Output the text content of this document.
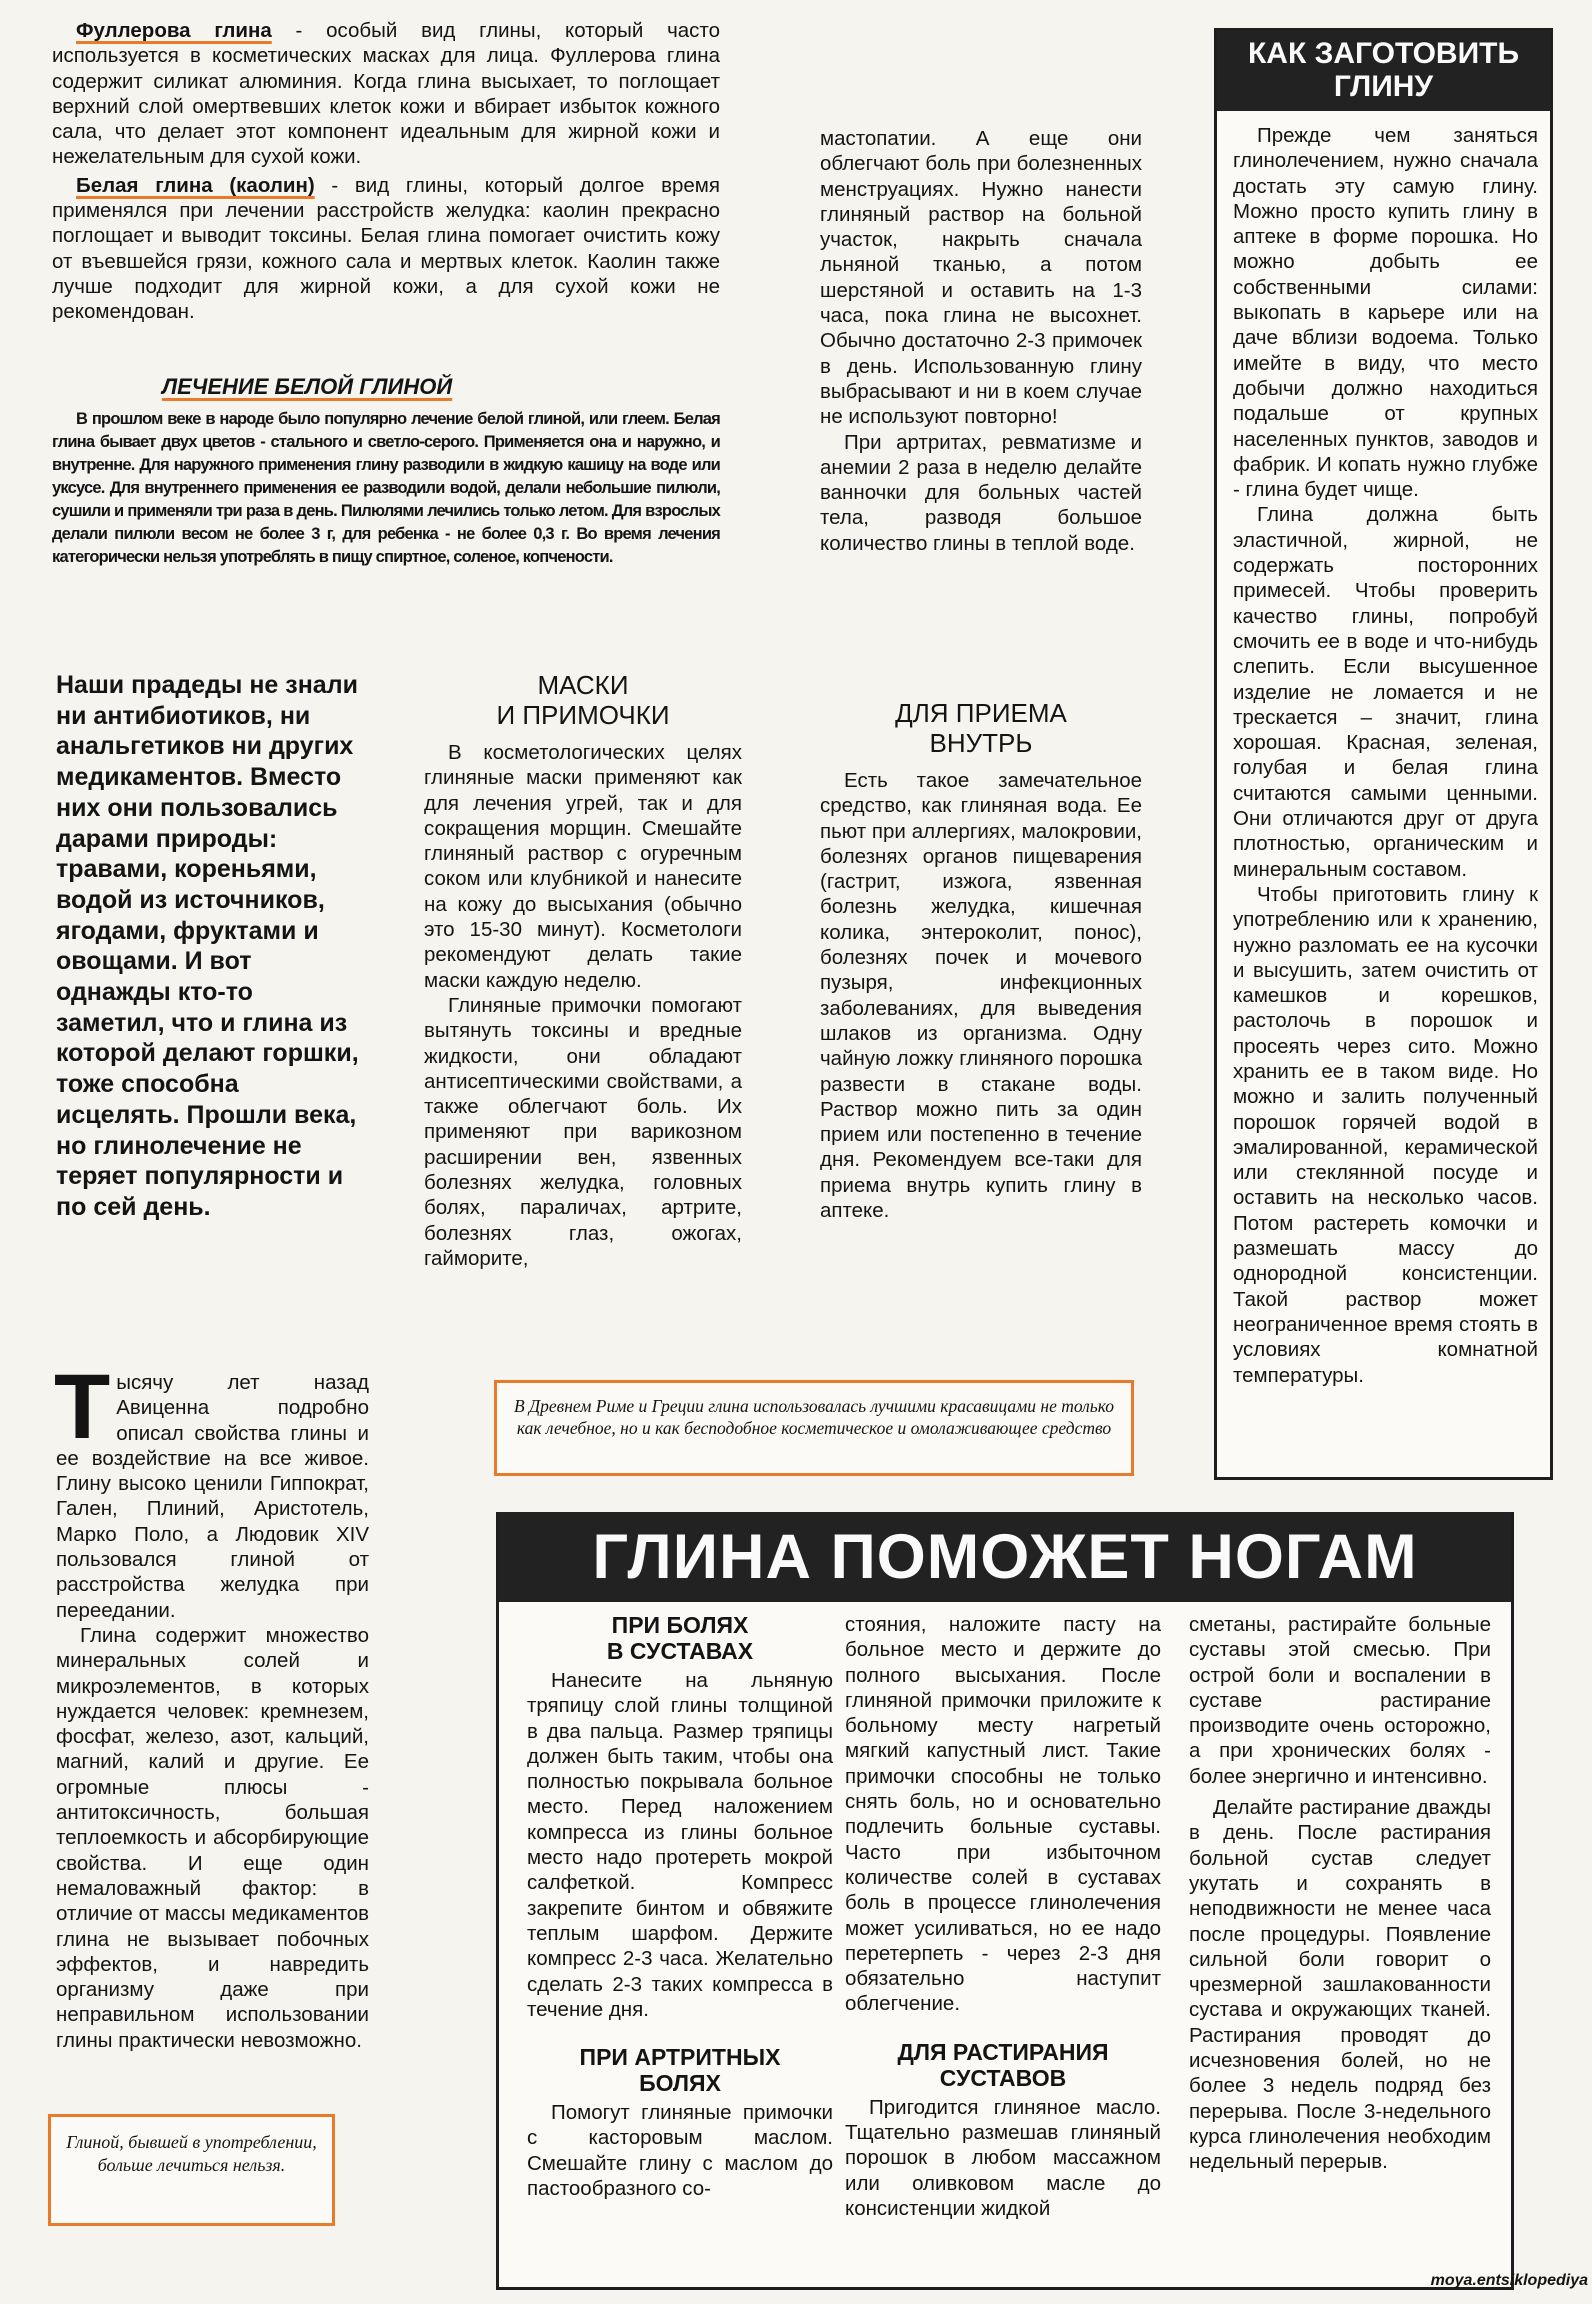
Фуллерова глина - особый вид глины, который часто используется в косметических масках для лица. Фуллерова глина содержит силикат алюминия. Когда глина высыхает, то поглощает верхний слой омертвевших клеток кожи и вбирает избыток кожного сала, что делает этот компонент идеальным для жирной кожи и нежелательным для сухой кожи.

Белая глина (каолин) - вид глины, который долгое время применялся при лечении расстройств желудка: каолин прекрасно поглощает и выводит токсины. Белая глина помогает очистить кожу от въевшейся грязи, кожного сала и мертвых клеток. Каолин также лучше подходит для жирной кожи, а для сухой кожи не рекомендован.

ЛЕЧЕНИЕ БЕЛОЙ ГЛИНОЙ

В прошлом веке в народе было популярно лечение белой глиной, или глеем. Белая глина бывает двух цветов - стального и светло-серого. Применяется она и наружно, и внутренне. Для наружного применения глину разводили в жидкую кашицу на воде или уксусе. Для внутреннего применения ее разводили водой, делали небольшие пилюли, сушили и применяли три раза в день. Пилюлями лечились только летом. Для взрослых делали пилюли весом не более 3 г, для ребенка - не более 0,3 г. Во время лечения категорически нельзя употреблять в пищу спиртное, соленое, копчености.

Наши прадеды не знали ни антибиотиков, ни анальгетиков ни других медикаментов. Вместо них они пользовались дарами природы: травами, кореньями, водой из источников, ягодами, фруктами и овощами. И вот однажды кто-то заметил, что и глина из которой делают горшки, тоже способна исцелять. Прошли века, но глинолечение не теряет популярности и по сей день.

Тысячу лет назад Авиценна подробно описал свойства глины и ее воздействие на все живое. Глину высоко ценили Гиппократ, Гален, Плиний, Аристотель, Марко Поло, а Людовик XIV пользовался глиной от расстройства желудка при переедании.

Глина содержит множество минеральных солей и микроэлементов, в которых нуждается человек: кремнезем, фосфат, железо, азот, кальций, магний, калий и другие. Ее огромные плюсы - антитоксичность, большая теплоемкость и абсорбирующие свойства. И еще один немаловажный фактор: в отличие от массы медикаментов глина не вызывает побочных эффектов, и навредить организму даже при неправильном использовании глины практически невозможно.

Глиной, бывшей в употреблении, больше лечиться нельзя.

МАСКИ
И ПРИМОЧКИ

В косметологических целях глиняные маски применяют как для лечения угрей, так и для сокращения морщин. Смешайте глиняный раствор с огуречным соком или клубникой и нанесите на кожу до высыхания (обычно это 15-30 минут). Косметологи рекомендуют делать такие маски каждую неделю.

Глиняные примочки помогают вытянуть токсины и вредные жидкости, они обладают антисептическими свойствами, а также облегчают боль. Их применяют при варикозном расширении вен, язвенных болезнях желудка, головных болях, параличах, артрите, болезнях глаз, ожогах, гайморите,

мастопатии. А еще они облегчают боль при болезненных менструациях. Нужно нанести глиняный раствор на больной участок, накрыть сначала льняной тканью, а потом шерстяной и оставить на 1-3 часа, пока глина не высохнет. Обычно достаточно 2-3 примочек в день. Использованную глину выбрасывают и ни в коем случае не используют повторно!

При артритах, ревматизме и анемии 2 раза в неделю делайте ванночки для больных частей тела, разводя большое количество глины в теплой воде.

ДЛЯ ПРИЕМА
ВНУТРЬ

Есть такое замечательное средство, как глиняная вода. Ее пьют при аллергиях, малокровии, болезнях органов пищеварения (гастрит, изжога, язвенная болезнь желудка, кишечная колика, энтероколит, понос), болезнях почек и мочевого пузыря, инфекционных заболеваниях, для выведения шлаков из организма. Одну чайную ложку глиняного порошка развести в стакане воды. Раствор можно пить за один прием или постепенно в течение дня. Рекомендуем все-таки для приема внутрь купить глину в аптеке.

В Древнем Риме и Греции глина использовалась лучшими красавицами не только как лечебное, но и как бесподобное косметическое и омолаживающее средство

КАК ЗАГОТОВИТЬ
ГЛИНУ

Прежде чем заняться глинолечением, нужно сначала достать эту самую глину. Можно просто купить глину в аптеке в форме порошка. Но можно добыть ее собственными силами: выкопать в карьере или на даче вблизи водоема. Только имейте в виду, что место добычи должно находиться подальше от крупных населенных пунктов, заводов и фабрик. И копать нужно глубже - глина будет чище.

Глина должна быть эластичной, жирной, не содержать посторонних примесей. Чтобы проверить качество глины, попробуй смочить ее в воде и что-нибудь слепить. Если высушенное изделие не ломается и не трескается – значит, глина хорошая. Красная, зеленая, голубая и белая глина считаются самыми ценными. Они отличаются друг от друга плотностью, органическим и минеральным составом.

Чтобы приготовить глину к употреблению или к хранению, нужно разломать ее на кусочки и высушить, затем очистить от камешков и корешков, растолочь в порошок и просеять через сито. Можно хранить ее в таком виде. Но можно и залить полученный порошок горячей водой в эмалированной, керамической или стеклянной посуде и оставить на несколько часов. Потом растереть комочки и размешать массу до однородной консистенции. Такой раствор может неограниченное время стоять в условиях комнатной температуры.

ГЛИНА ПОМОЖЕТ НОГАМ

ПРИ БОЛЯХ
В СУСТАВАХ

Нанесите на льняную тряпицу слой глины толщиной в два пальца. Размер тряпицы должен быть таким, чтобы она полностью покрывала больное место. Перед наложением компресса из глины больное место надо протереть мокрой салфеткой. Компресс закрепите бинтом и обвяжите теплым шарфом. Держите компресс 2-3 часа. Желательно сделать 2-3 таких компресса в течение дня.

ПРИ АРТРИТНЫХ
БОЛЯХ

Помогут глиняные примочки с касторовым маслом. Смешайте глину с маслом до пастообразного со-

стояния, наложите пасту на больное место и держите до полного высыхания. После глиняной примочки приложите к больному месту нагретый мягкий капустный лист. Такие примочки способны не только снять боль, но и основательно подлечить больные суставы. Часто при избыточном количестве солей в суставах боль в процессе глинолечения может усиливаться, но ее надо перетерпеть - через 2-3 дня обязательно наступит облегчение.

ДЛЯ РАСТИРАНИЯ
СУСТАВОВ

Пригодится глиняное масло. Тщательно размешав глиняный порошок в любом массажном или оливковом масле до консистенции жидкой

сметаны, растирайте больные суставы этой смесью. При острой боли и воспалении в суставе растирание производите очень осторожно, а при хронических болях - более энергично и интенсивно.

Делайте растирание дважды в день. После растирания больной сустав следует укутать и сохранять в неподвижности не менее часа после процедуры. Появление сильной боли говорит о чрезмерной зашлакованности сустава и окружающих тканей. Растирания проводят до исчезновения болей, но не более 3 недель подряд без перерыва. После 3-недельного курса глинолечения необходим недельный перерыв.

moya.entsiklopediya
